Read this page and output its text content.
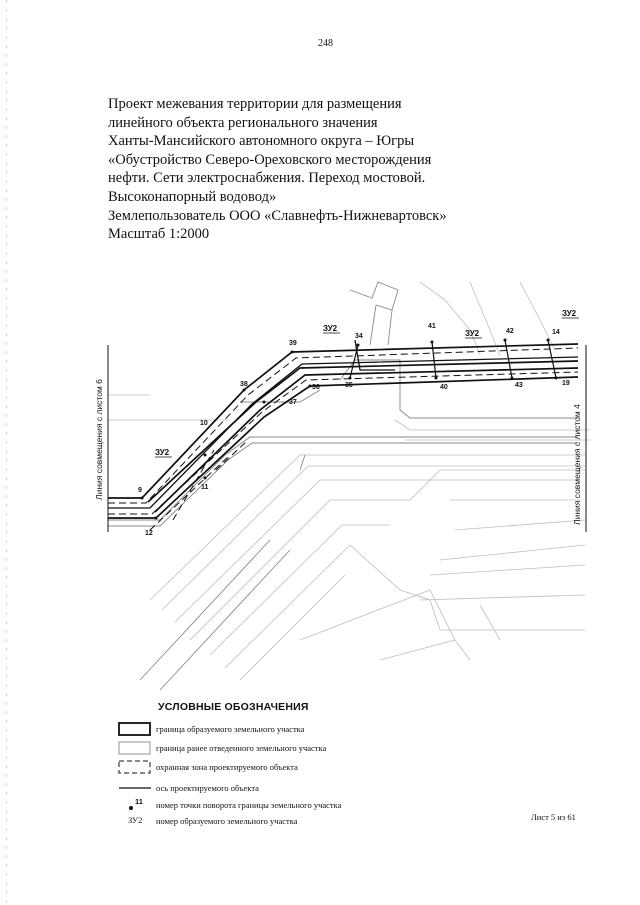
248
Проект межевания территории для размещения
линейного объекта регионального значения
Ханты-Мансийского автономного округа – Югры
«Обустройство Северо-Ореховского месторождения
нефти. Сети электроснабжения. Переход мостовой.
Высоконапорный водовод»
Землепользователь ООО «Славнефть-Нижневартовск»
Масштаб 1:2000
Линия совмещения с листом 6	Линия совмещения с листом 4
ЗУ2
ЗУ2
ЗУ2
ЗУ2
9
10
11
12
14
19
34
35
36
37
38
39
40
41
42
43
УСЛОВНЫЕ ОБОЗНАЧЕНИЯ
граница образуемого земельного участка
граница ранее отведенного земельного участка
охранная зона проектируемого объекта
ось проектируемого объекта
11 номер точки поворота границы земельного участка
ЗУ2 номер образуемого земельного участка	Лист 5 из 61
